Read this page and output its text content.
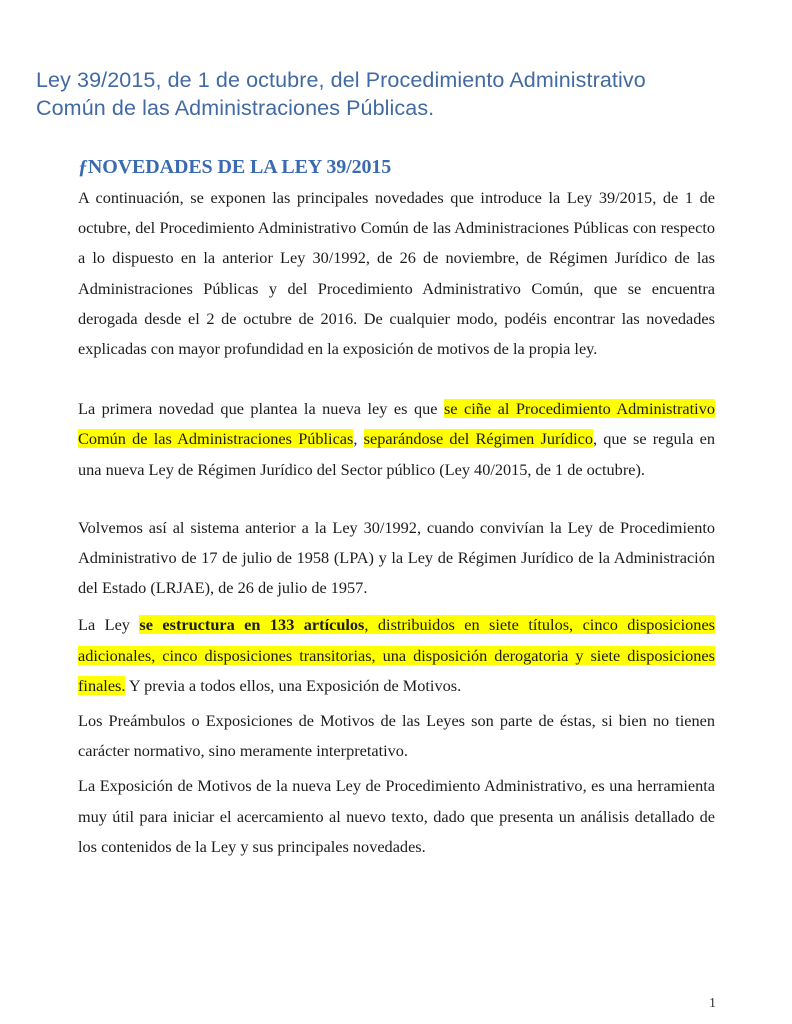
Ley 39/2015, de 1 de octubre, del Procedimiento Administrativo Común de las Administraciones Públicas.
ƒNOVEDADES DE LA LEY 39/2015

A continuación, se exponen las principales novedades que introduce la Ley 39/2015, de 1 de octubre, del Procedimiento Administrativo Común de las Administraciones Públicas con respecto a lo dispuesto en la anterior Ley 30/1992, de 26 de noviembre, de Régimen Jurídico de las Administraciones Públicas y del Procedimiento Administrativo Común, que se encuentra derogada desde el 2 de octubre de 2016. De cualquier modo, podéis encontrar las novedades explicadas con mayor profundidad en la exposición de motivos de la propia ley.

La primera novedad que plantea la nueva ley es que se ciñe al Procedimiento Administrativo Común de las Administraciones Públicas, separándose del Régimen Jurídico, que se regula en una nueva Ley de Régimen Jurídico del Sector público (Ley 40/2015, de 1 de octubre).

Volvemos así al sistema anterior a la Ley 30/1992, cuando convivían la Ley de Procedimiento Administrativo de 17 de julio de 1958 (LPA) y la Ley de Régimen Jurídico de la Administración del Estado (LRJAE), de 26 de julio de 1957.

La Ley se estructura en 133 artículos, distribuidos en siete títulos, cinco disposiciones adicionales, cinco disposiciones transitorias, una disposición derogatoria y siete disposiciones finales. Y previa a todos ellos, una Exposición de Motivos.

Los Preámbulos o Exposiciones de Motivos de las Leyes son parte de éstas, si bien no tienen carácter normativo, sino meramente interpretativo.

La Exposición de Motivos de la nueva Ley de Procedimiento Administrativo, es una herramienta muy útil para iniciar el acercamiento al nuevo texto, dado que presenta un análisis detallado de los contenidos de la Ley y sus principales novedades.

1
